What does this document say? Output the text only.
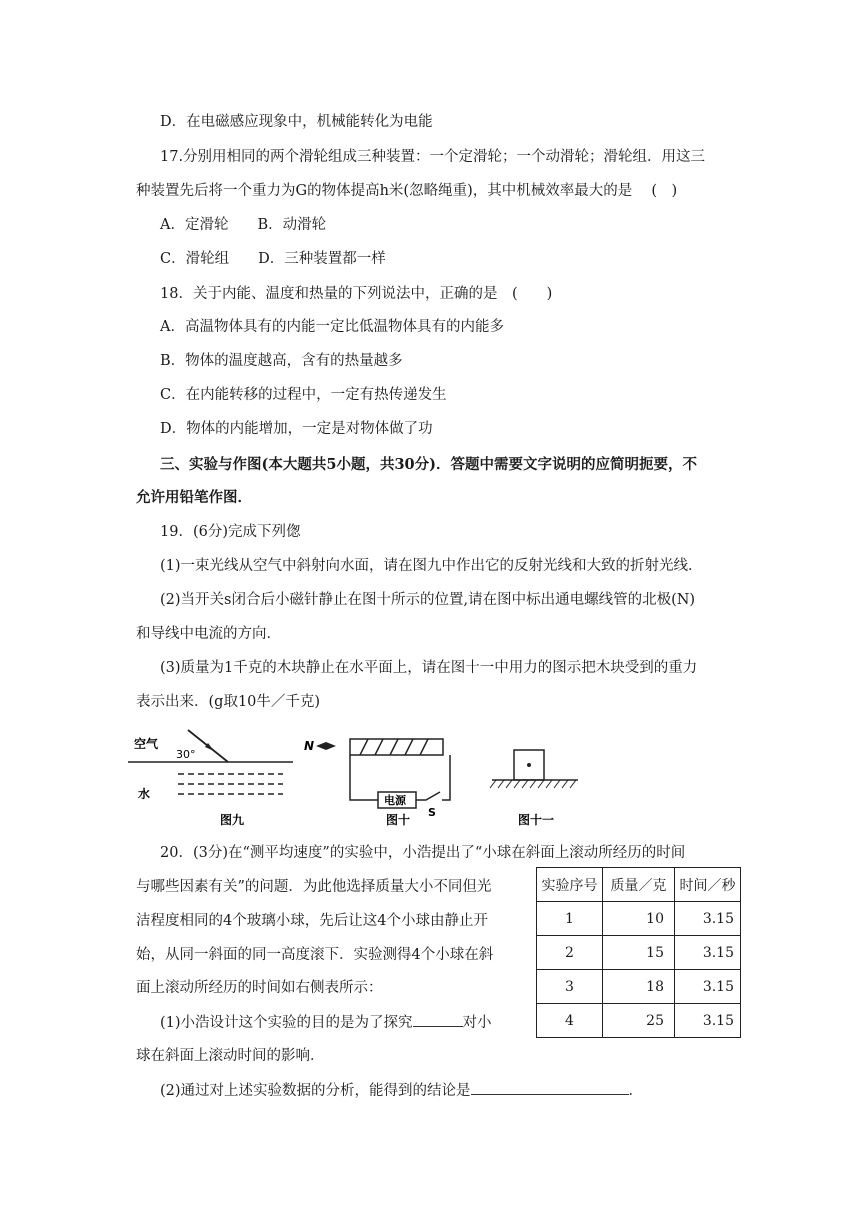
D．在电磁感应现象中，机械能转化为电能
17.分别用相同的两个滑轮组成三种装置：一个定滑轮；一个动滑轮；滑轮组．用这三
种装置先后将一个重力为G的物体提高h米(忽略绳重)，其中机械效率最大的是　 (　)
A．定滑轮　　B．动滑轮
C．滑轮组　　D．三种装置都一样
18．关于内能、温度和热量的下列说法中，正确的是　(　　)
A．高温物体具有的内能一定比低温物体具有的内能多
B．物体的温度越高，含有的热量越多
C．在内能转移的过程中，一定有热传递发生
D．物体的内能增加，一定是对物体做了功
三、实验与作图(本大题共5小题，共30分)．答题中需要文字说明的应简明扼要，不
允许用铅笔作图．
19．(6分)完成下列偬
(1)一束光线从空气中斜射向水面，请在图九中作出它的反射光线和大致的折射光线．
(2)当开关s闭合后小磁针静止在图十所示的位置,请在图中标出通电螺线管的北极(N)
和导线中电流的方向．
(3)质量为1千克的木块静止在水平面上，请在图十一中用力的图示把木块受到的重力
表示出来．(g取10牛／千克)
空气
30°
水
图九
N
电源
S
图十	图十一
20．(3分)在“测平均速度”的实验中，小浩提出了“小球在斜面上滚动所经历的时间
与哪些因素有关”的问题．为此他选择质量大小不同但光
洁程度相同的4个玻璃小球，先后让这4个小球由静止开
始，从同一斜面的同一高度滚下．实验测得4个小球在斜
面上滚动所经历的时间如右侧表所示：
(1)小浩设计这个实验的目的是为了探究	对小
球在斜面上滚动时间的影响．
(2)通过对上述实验数据的分析，能得到的结论是	．
实验序号	质量／克	时间／秒
1	10	3.15
2	15	3.15
3	18	3.15
4	25	3.15
